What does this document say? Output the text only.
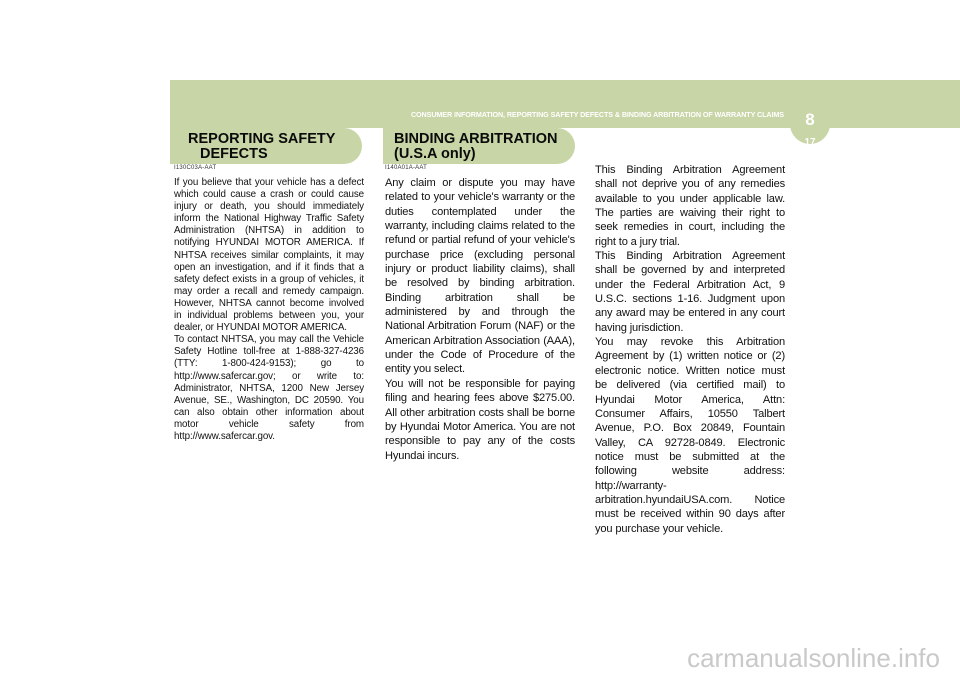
8
17
CONSUMER INFORMATION, REPORTING SAFETY DEFECTS & BINDING ARBITRATION OF WARRANTY CLAIMS
REPORTING SAFETY
DEFECTS
I130C03A-AAT

If you believe that your vehicle has a defect which could cause a crash or could cause injury or death, you should immediately inform the National Highway Traffic Safety Administration (NHTSA) in addition to notifying HYUNDAI MOTOR AMERICA. If NHTSA receives similar complaints, it may open an investigation, and if it finds that a safety defect exists in a group of vehicles, it may order a recall and remedy campaign. However, NHTSA cannot become involved in individual problems between you, your dealer, or HYUNDAI MOTOR AMERICA.

To contact NHTSA, you may call the Vehicle Safety Hotline toll-free at 1-888-327-4236 (TTY: 1-800-424-9153); go to http://www.safercar.gov; or write to: Administrator, NHTSA, 1200 New Jersey Avenue, SE., Washington, DC 20590. You can also obtain other information about motor vehicle safety from http://www.safercar.gov.

BINDING ARBITRATION
(U.S.A only)
I140A01A-AAT

Any claim or dispute you may have related to your vehicle's warranty or the duties contemplated under the warranty, including claims related to the refund or partial refund of your vehicle's purchase price (excluding personal injury or product liability claims), shall be resolved by binding arbitration. Binding arbitration shall be administered by and through the National Arbitration Forum (NAF) or the American Arbitration Association (AAA), under the Code of Procedure of the entity you select.

You will not be responsible for paying filing and hearing fees above $275.00. All other arbitration costs shall be borne by Hyundai Motor America. You are not responsible to pay any of the costs Hyundai incurs.

This Binding Arbitration Agreement shall not deprive you of any remedies available to you under applicable law. The parties are waiving their right to seek remedies in court, including the right to a jury trial.

This Binding Arbitration Agreement shall be governed by and interpreted under the Federal Arbitration Act, 9 U.S.C. sections 1-16. Judgment upon any award may be entered in any court having jurisdiction.

You may revoke this Arbitration Agreement by (1) written notice or (2) electronic notice. Written notice must be delivered (via certified mail) to Hyundai Motor America, Attn: Consumer Affairs, 10550 Talbert Avenue, P.O. Box 20849, Fountain Valley, CA 92728-0849. Electronic notice must be submitted at the following website address: http://warranty-arbitration.hyundaiUSA.com. Notice must be received within 90 days after you purchase your vehicle.

carmanualsonline.info
